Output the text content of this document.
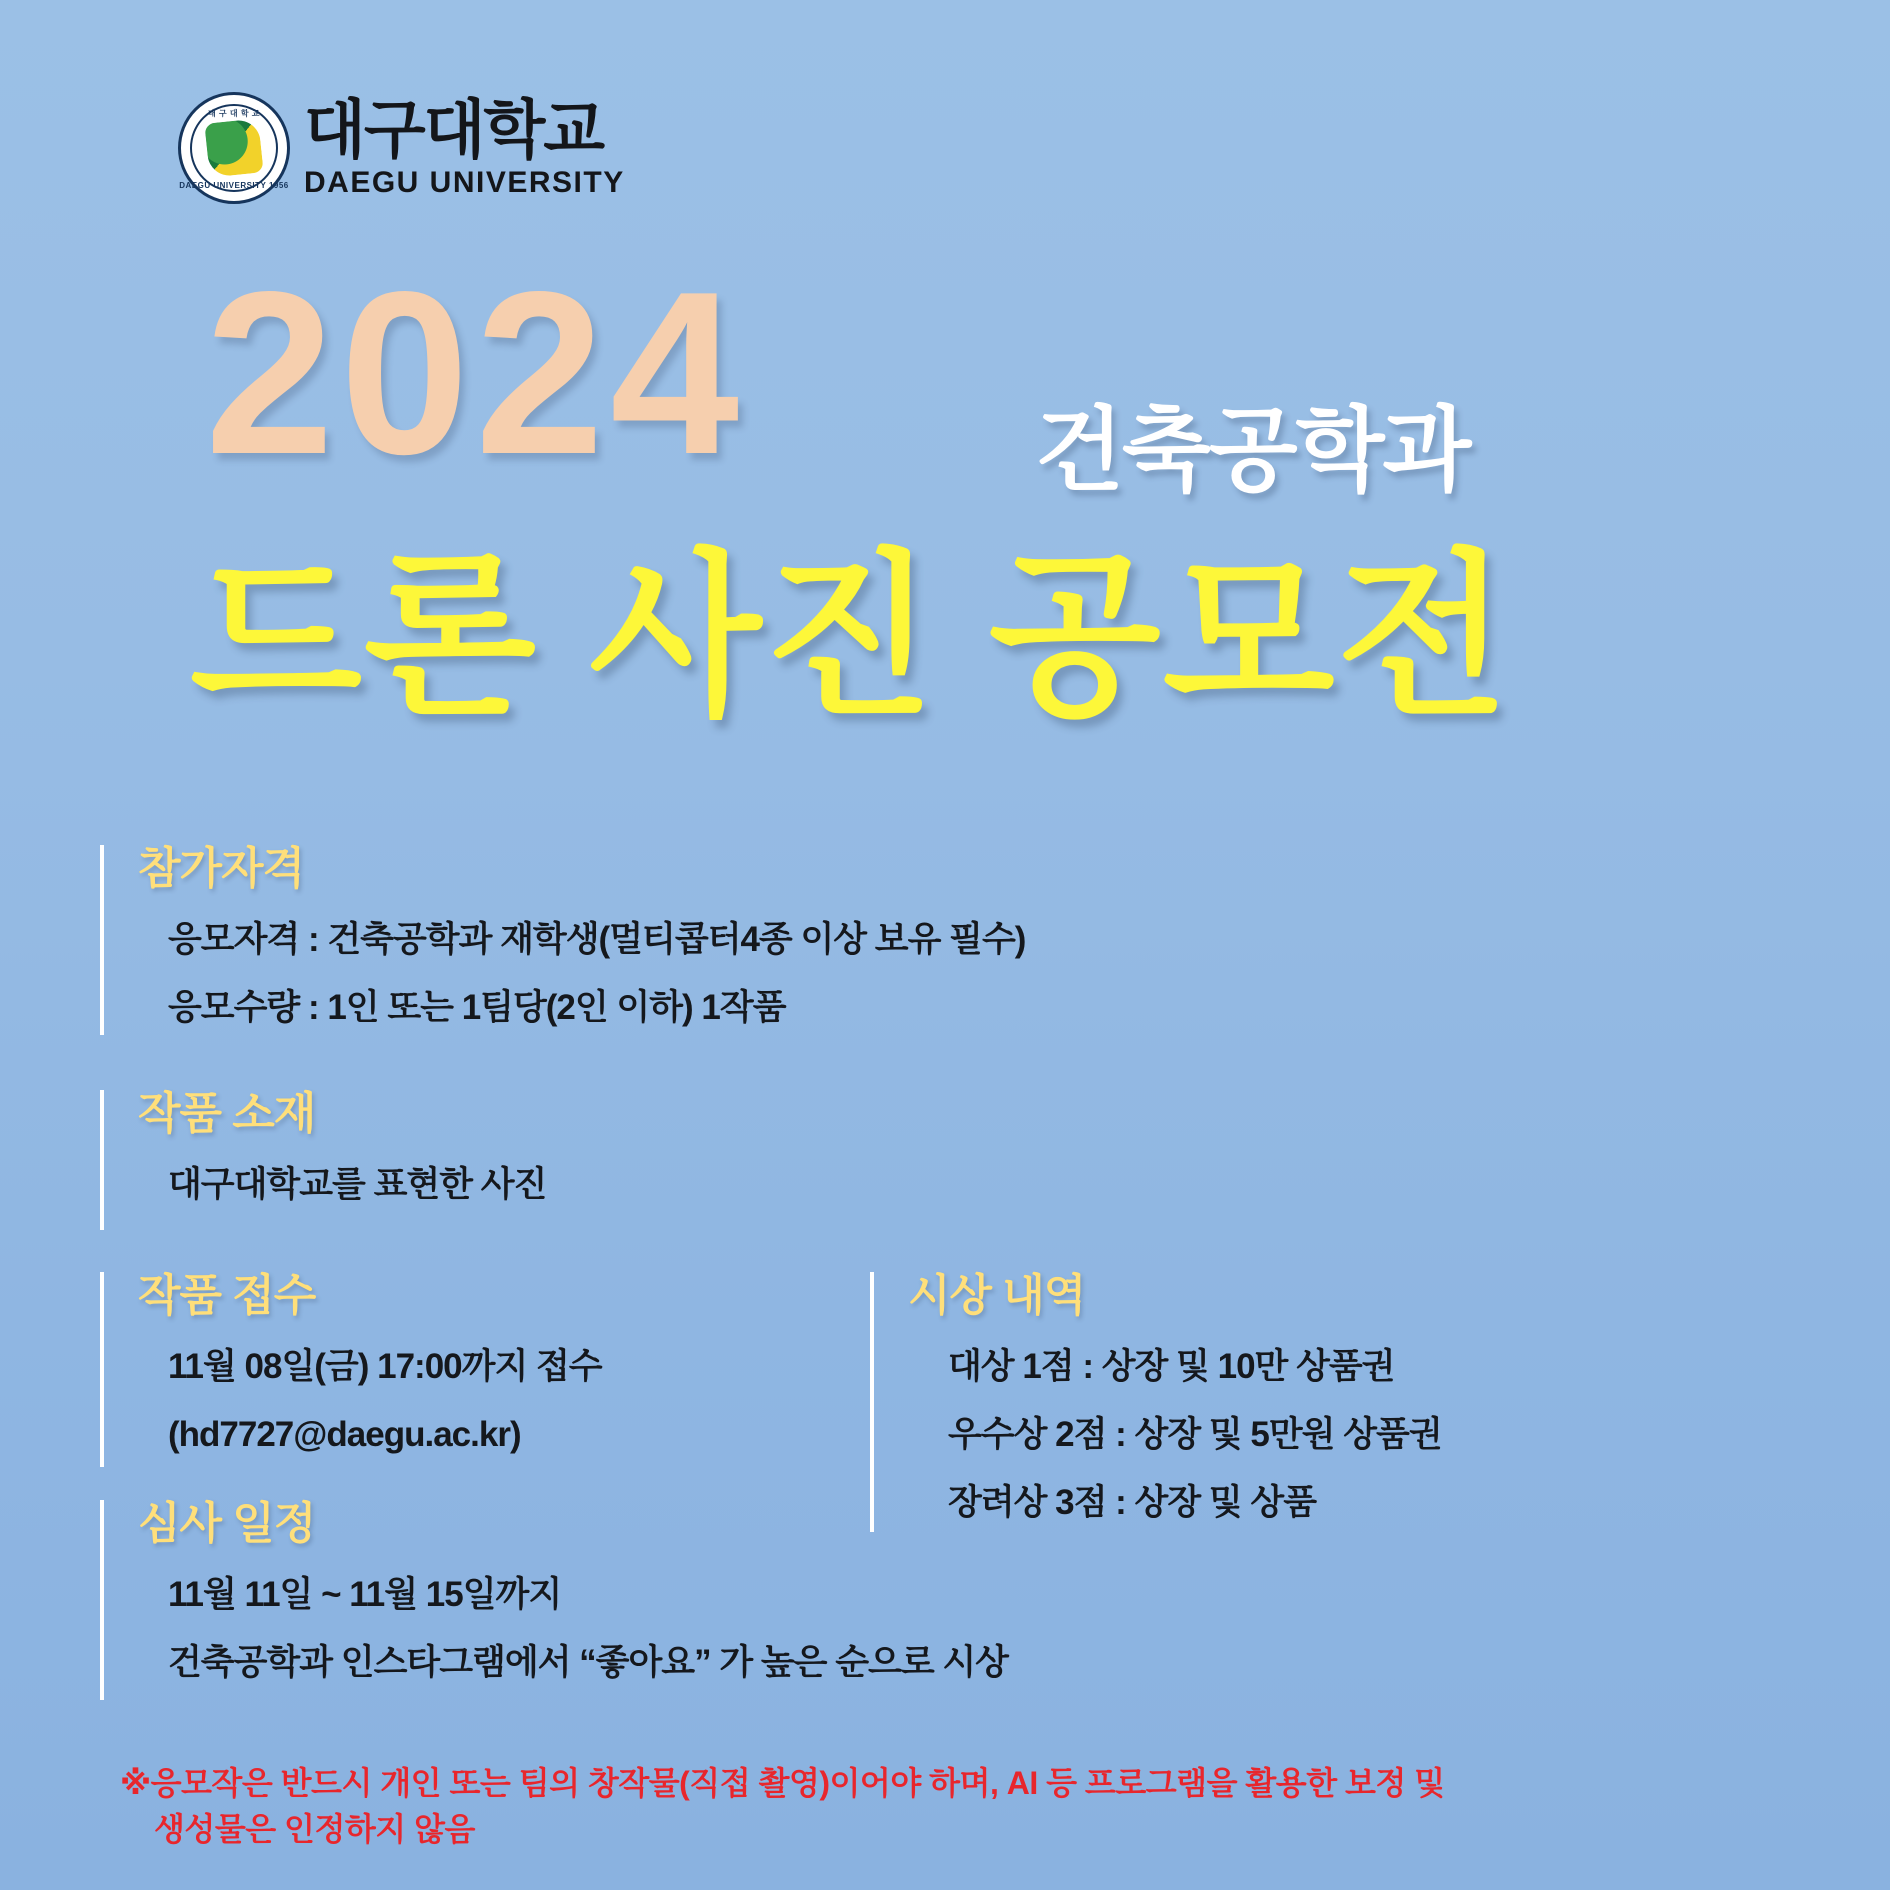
대 구 대 학 교
DAEGU UNIVERSITY 1956
대구대학교
DAEGU UNIVERSITY
2024	건축공학과
드론 사진 공모전
참가자격
응모자격 : 건축공학과 재학생(멀티콥터4종 이상 보유 필수)
응모수량 : 1인 또는 1팀당(2인 이하) 1작품
작품 소재
대구대학교를 표현한 사진
작품 접수
11월 08일(금) 17:00까지 접수
(hd7727@daegu.ac.kr)
심사 일정
11월 11일 ~ 11월 15일까지
건축공학과 인스타그램에서 “좋아요” 가 높은 순으로 시상
시상 내역
대상 1점 : 상장 및 10만 상품권
우수상 2점 : 상장 및 5만원 상품권
장려상 3점 : 상장 및 상품
※응모작은 반드시 개인 또는 팀의 창작물(직접 촬영)이어야 하며, AI 등 프로그램을 활용한 보정 및
생성물은 인정하지 않음
